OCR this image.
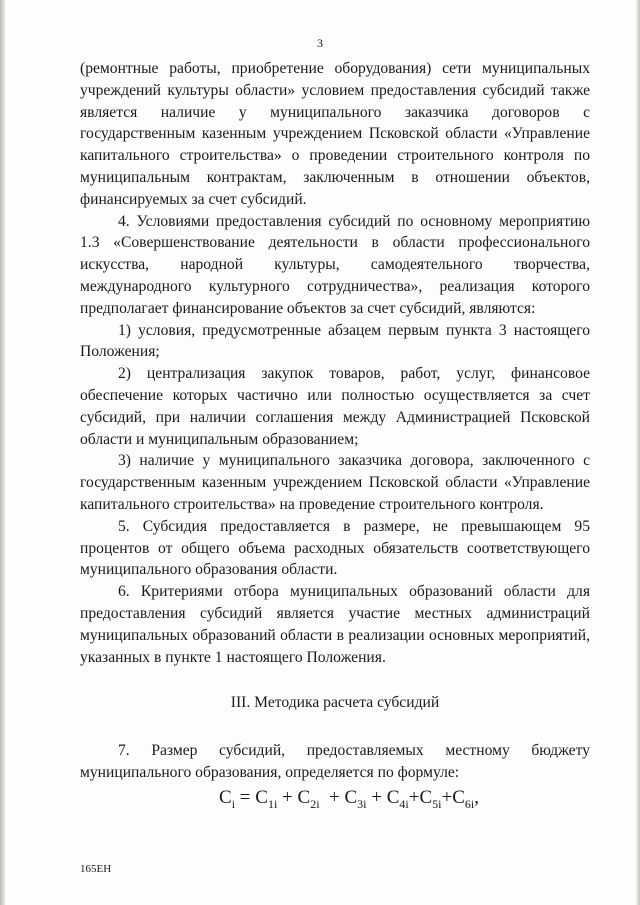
3

(ремонтные работы, приобретение оборудования) сети муниципальных учреждений культуры области» условием предоставления субсидий также является наличие у муниципального заказчика договоров с государственным казенным учреждением Псковской области «Управление капитального строительства» о проведении строительного контроля по муниципальным контрактам, заключенным в отношении объектов, финансируемых за счет субсидий.

4. Условиями предоставления субсидий по основному мероприятию 1.3 «Совершенствование деятельности в области профессионального искусства, народной культуры, самодеятельного творчества, международного культурного сотрудничества», реализация которого предполагает финансирование объектов за счет субсидий, являются:

1) условия, предусмотренные абзацем первым пункта 3 настоящего Положения;

2) централизация закупок товаров, работ, услуг, финансовое обеспечение которых частично или полностью осуществляется за счет субсидий, при наличии соглашения между Администрацией Псковской области и муниципальным образованием;

3) наличие у муниципального заказчика договора, заключенного с государственным казенным учреждением Псковской области «Управление капитального строительства» на проведение строительного контроля.

5. Субсидия предоставляется в размере, не превышающем 95 процентов от общего объема расходных обязательств соответствующего муниципального образования области.

6. Критериями отбора муниципальных образований области для предоставления субсидий является участие местных администраций муниципальных образований области в реализации основных мероприятий, указанных в пункте 1 настоящего Положения.

III. Методика расчета субсидий

7. Размер субсидий, предоставляемых местному бюджету муниципального образования, определяется по формуле:

$C_i = C_{1i} + C_{2i} + C_{3i} + C_{4i}+C_{5i}+C_{6i}$,
165ЕН
